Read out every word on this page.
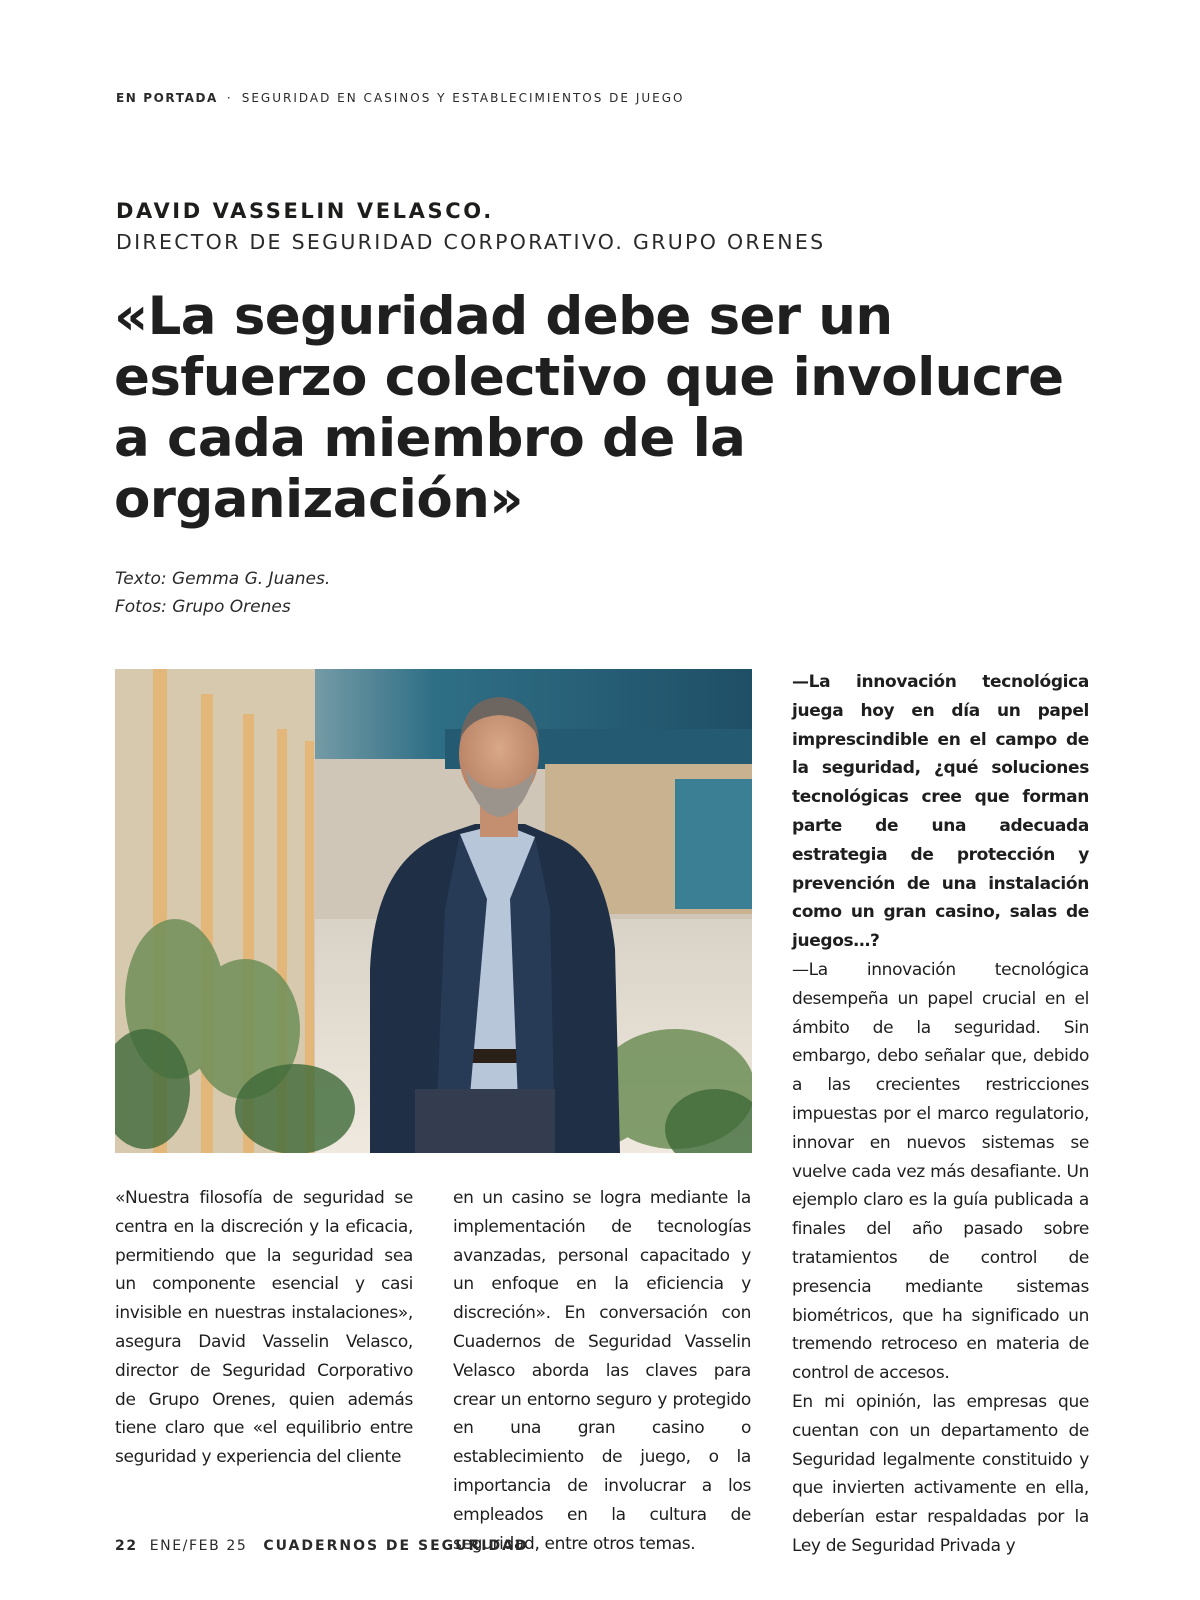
EN PORTADA · SEGURIDAD EN CASINOS Y ESTABLECIMIENTOS DE JUEGO
DAVID VASSELIN VELASCO.
DIRECTOR DE SEGURIDAD CORPORATIVO. GRUPO ORENES
«La seguridad debe ser un esfuerzo colectivo que involucre a cada miembro de la organización»
Texto: Gemma G. Juanes.
Fotos: Grupo Orenes

«Nuestra filosofía de seguridad se centra en la discreción y la eficacia, permitiendo que la seguridad sea un componente esencial y casi invisible en nuestras instalaciones», asegura David Vasselin Velasco, director de Seguridad Corporativo de Grupo Orenes, quien además tiene claro que «el equilibrio entre seguridad y experiencia del cliente

en un casino se logra mediante la implementación de tecnologías avanzadas, personal capacitado y un enfoque en la eficiencia y discreción». En conversación con Cuadernos de Seguridad Vasselin Velasco aborda las claves para crear un entorno seguro y protegido en una gran casino o establecimiento de juego, o la importancia de involucrar a los empleados en la cultura de seguridad, entre otros temas.

—La innovación tecnológica juega hoy en día un papel imprescindible en el campo de la seguridad, ¿qué soluciones tecnológicas cree que forman parte de una adecuada estrategia de protección y prevención de una instalación como un gran casino, salas de juegos…?

—La innovación tecnológica desempeña un papel crucial en el ámbito de la seguridad. Sin embargo, debo señalar que, debido a las crecientes restricciones impuestas por el marco regulatorio, innovar en nuevos sistemas se vuelve cada vez más desafiante. Un ejemplo claro es la guía publicada a finales del año pasado sobre tratamientos de control de presencia mediante sistemas biométricos, que ha significado un tremendo retroceso en materia de control de accesos.

En mi opinión, las empresas que cuentan con un departamento de Seguridad legalmente constituido y que invierten activamente en ella, deberían estar respaldadas por la Ley de Seguridad Privada y

22 ENE/FEB 25 CUADERNOS DE SEGURIDAD
